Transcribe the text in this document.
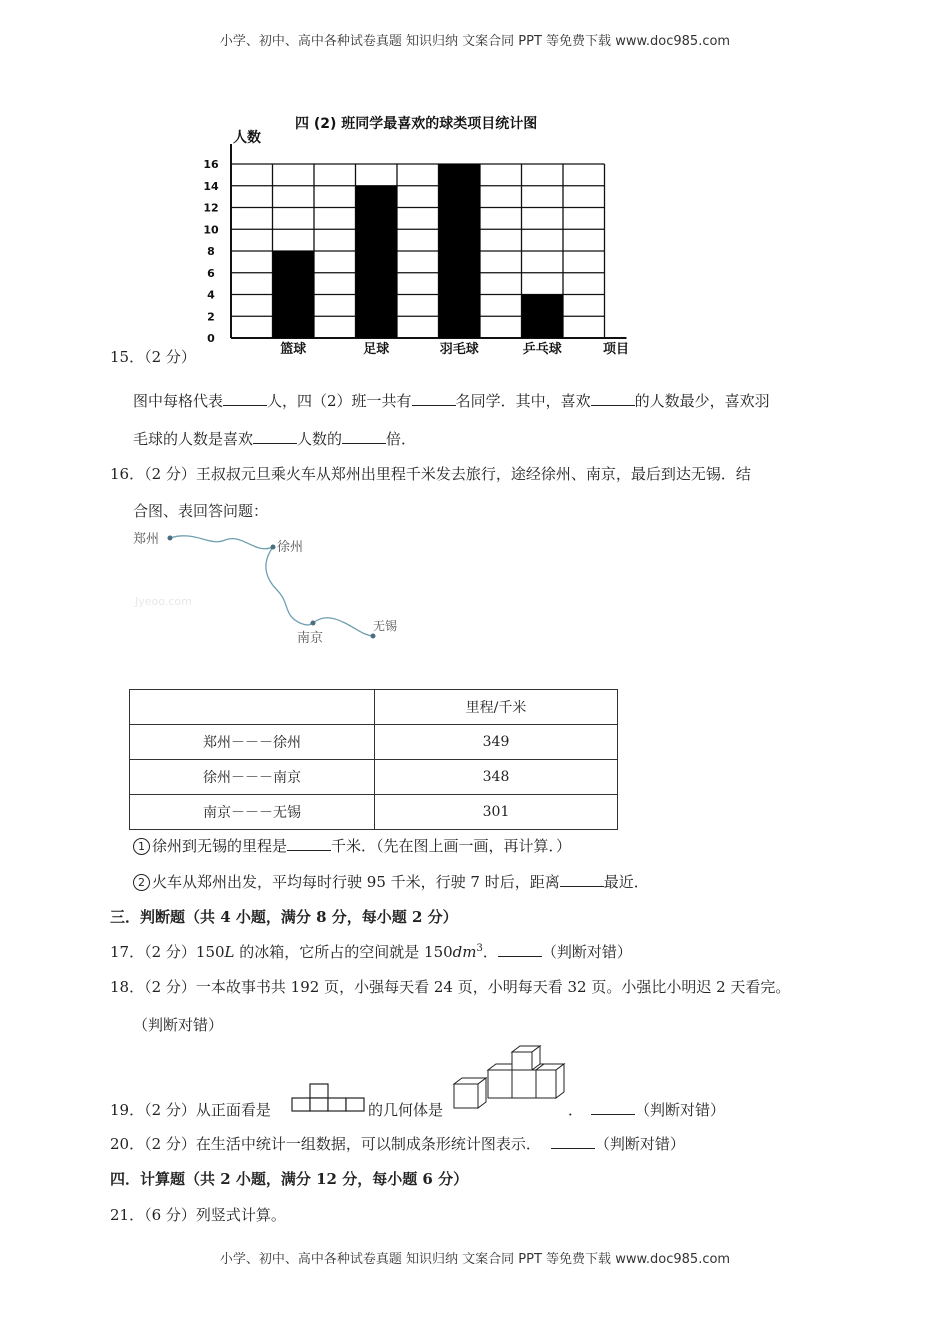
小学、初中、高中各种试卷真题 知识归纳 文案合同 PPT 等免费下载 www.doc985.com
四 (2) 班同学最喜欢的球类项目统计图
人数
0
2
4
6
8
10
12
14
16
篮球	足球	羽毛球	乒乓球	项目
15．（2 分）
图中每格代表	人，四（2）班一共有	名同学．其中，喜欢	的人数最少，喜欢羽
毛球的人数是喜欢	人数的	倍．
16．（2 分）王叔叔元旦乘火车从郑州出里程千米发去旅行，途经徐州、南京，最后到达无锡．结
合图、表回答问题：
郑州
徐州
南京
无锡
Jyeoo.com
	里程/千米
郑州－－－徐州	349
徐州－－－南京	348
南京－－－无锡	301
1 徐州到无锡的里程是	千米．（先在图上画一画，再计算．）
2 火车从郑州出发，平均每时行驶 95 千米，行驶 7 时后，距离	最近．
三．判断题（共 4 小题，满分 8 分，每小题 2 分）
17．（2 分）150L 的冰箱，它所占的空间就是 $150dm^3$．	（判断对错）
18．（2 分）一本故事书共 192 页，小强每天看 24 页，小明每天看 32 页。小强比小明迟 2 天看完。
（判断对错）
19．（2 分）从正面看是	的几何体是	．	（判断对错）
20．（2 分）在生活中统计一组数据，可以制成条形统计图表示．	（判断对错）
四．计算题（共 2 小题，满分 12 分，每小题 6 分）
21．（6 分）列竖式计算。
小学、初中、高中各种试卷真题 知识归纳 文案合同 PPT 等免费下载 www.doc985.com
